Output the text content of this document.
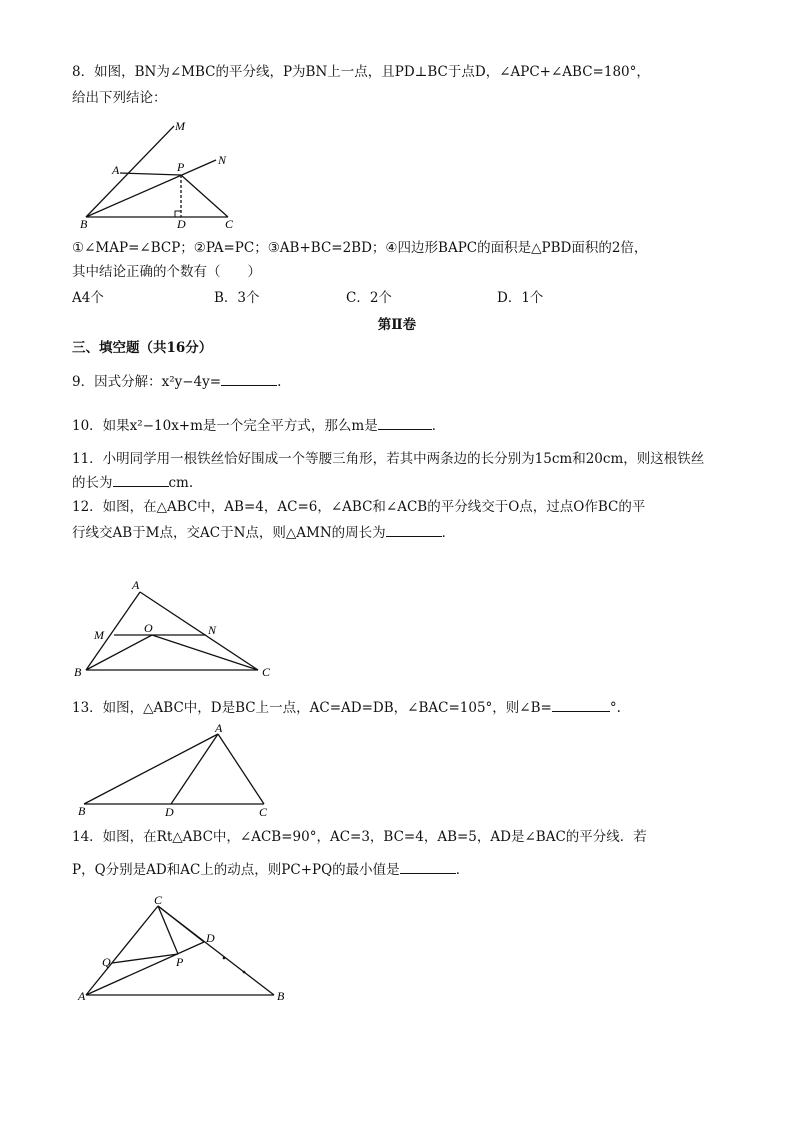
8．如图，BN为∠MBC的平分线，P为BN上一点，且PD⊥BC于点D，∠APC+∠ABC=180°，
给出下列结论：
M
A	P	N
B	D	C
①∠MAP=∠BCP；②PA=PC；③AB+BC=2BD；④四边形BAPC的面积是△PBD面积的2倍，
其中结论正确的个数有（　　）
A4个	B．3个	C．2个	D．1个
第Ⅱ卷
三、填空题（共16分）
9．因式分解：x²y−4y=	.
10．如果x²−10x+m是一个完全平方式，那么m是	．
11．小明同学用一根铁丝恰好围成一个等腰三角形，若其中两条边的长分别为15cm和20cm，则这根铁丝
的长为	cm.
12．如图，在△ABC中，AB=4，AC=6，∠ABC和∠ACB的平分线交于O点，过点O作BC的平
行线交AB于M点，交AC于N点，则△AMN的周长为	．
A
M	O	N
B	C
13．如图，△ABC中，D是BC上一点，AC=AD=DB，∠BAC=105°，则∠B=	°.
A
B	D	C
14．如图，在Rt△ABC中，∠ACB=90°，AC=3，BC=4，AB=5，AD是∠BAC的平分线．若
P，Q分别是AD和AC上的动点，则PC+PQ的最小值是	．
C
D
Q	P
A	B
